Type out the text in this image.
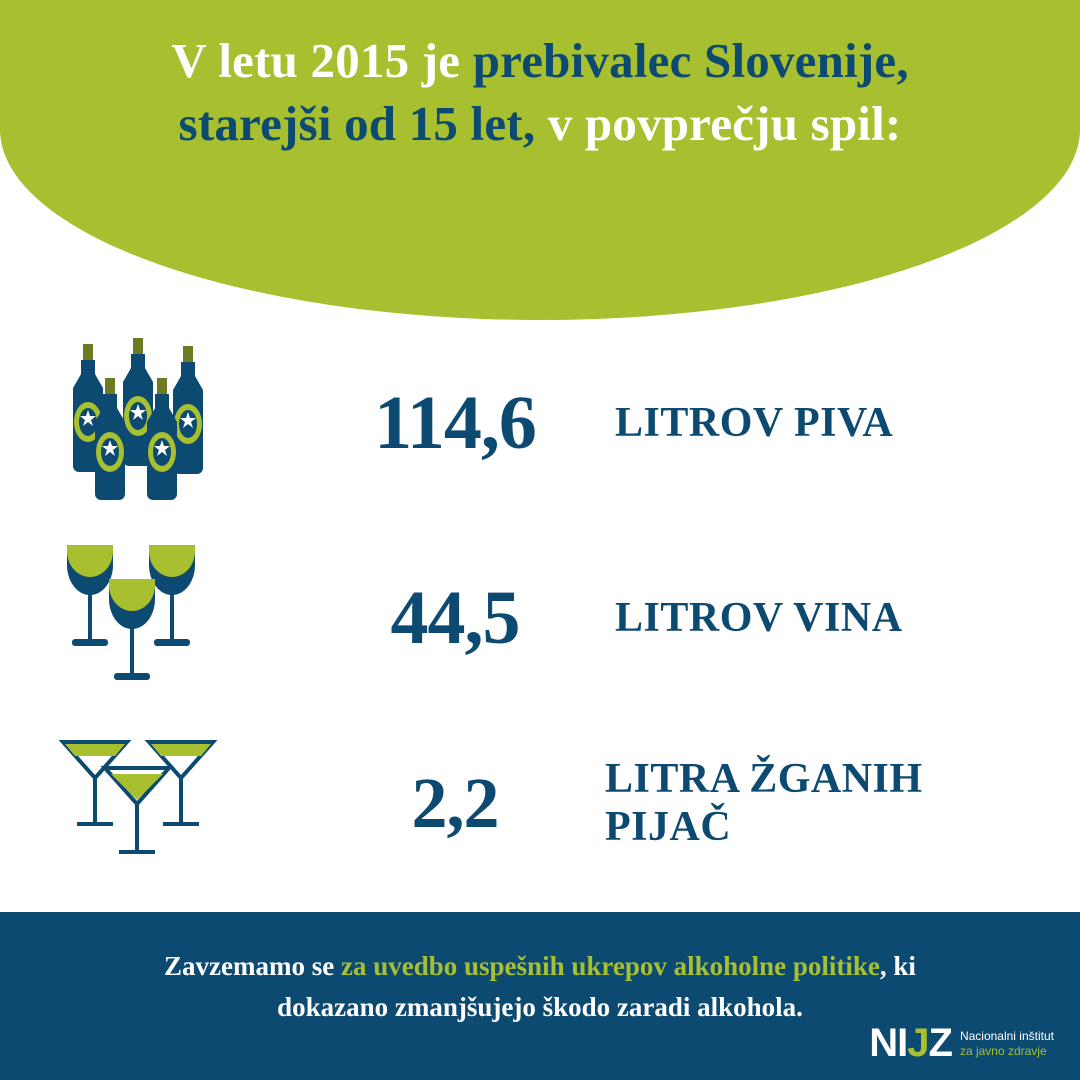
V letu 2015 je prebivalec Slovenije,
starejši od 15 let, v povprečju spil:
114,6	LITROV PIVA
44,5	LITROV VINA
2,2	LITRA ŽGANIH PIJAČ
Zavzemamo se za uvedbo uspešnih ukrepov alkoholne politike, ki
dokazano zmanjšujejo škodo zaradi alkohola.
NI J Z Nacionalni inštitut
za javno zdravje
